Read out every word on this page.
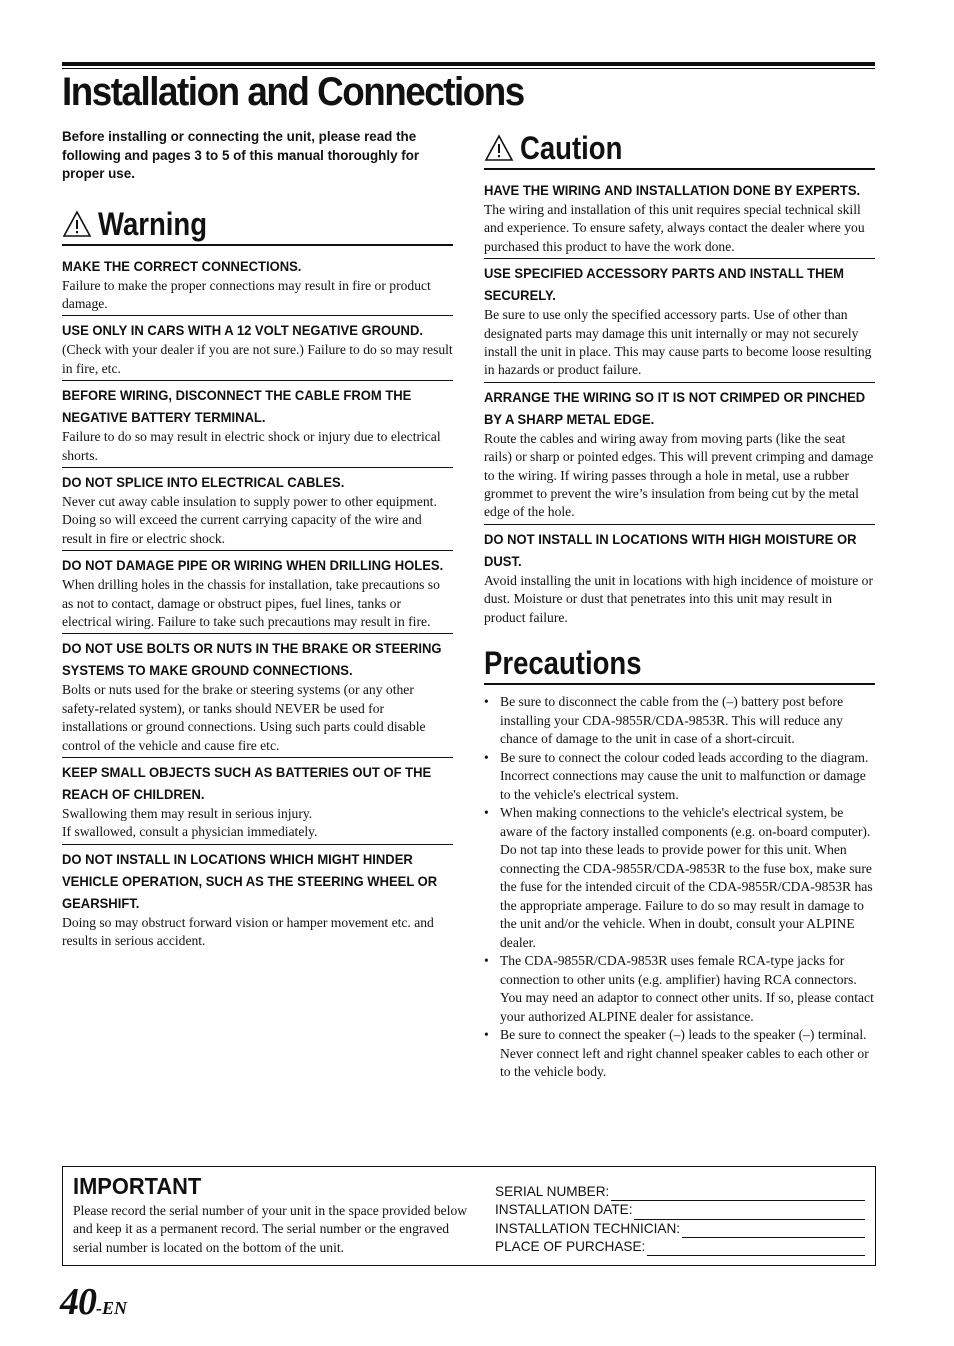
Installation and Connections

Before installing or connecting the unit, please read the following and pages 3 to 5 of this manual thoroughly for proper use.

Warning

MAKE THE CORRECT CONNECTIONS.

Failure to make the proper connections may result in fire or product damage.

USE ONLY IN CARS WITH A 12 VOLT NEGATIVE GROUND.

(Check with your dealer if you are not sure.) Failure to do so may result in fire, etc.

BEFORE WIRING, DISCONNECT THE CABLE FROM THE NEGATIVE BATTERY TERMINAL.

Failure to do so may result in electric shock or injury due to electrical shorts.

DO NOT SPLICE INTO ELECTRICAL CABLES.

Never cut away cable insulation to supply power to other equipment. Doing so will exceed the current carrying capacity of the wire and result in fire or electric shock.

DO NOT DAMAGE PIPE OR WIRING WHEN DRILLING HOLES.

When drilling holes in the chassis for installation, take precautions so as not to contact, damage or obstruct pipes, fuel lines, tanks or electrical wiring. Failure to take such precautions may result in fire.

DO NOT USE BOLTS OR NUTS IN THE BRAKE OR STEERING SYSTEMS TO MAKE GROUND CONNECTIONS.

Bolts or nuts used for the brake or steering systems (or any other safety-related system), or tanks should NEVER be used for installations or ground connections. Using such parts could disable control of the vehicle and cause fire etc.

KEEP SMALL OBJECTS SUCH AS BATTERIES OUT OF THE REACH OF CHILDREN.

Swallowing them may result in serious injury.
If swallowed, consult a physician immediately.

DO NOT INSTALL IN LOCATIONS WHICH MIGHT HINDER VEHICLE OPERATION, SUCH AS THE STEERING WHEEL OR GEARSHIFT.

Doing so may obstruct forward vision or hamper movement etc. and results in serious accident.

Caution

HAVE THE WIRING AND INSTALLATION DONE BY EXPERTS.

The wiring and installation of this unit requires special technical skill and experience. To ensure safety, always contact the dealer where you purchased this product to have the work done.

USE SPECIFIED ACCESSORY PARTS AND INSTALL THEM SECURELY.

Be sure to use only the specified accessory parts. Use of other than designated parts may damage this unit internally or may not securely install the unit in place. This may cause parts to become loose resulting in hazards or product failure.

ARRANGE THE WIRING SO IT IS NOT CRIMPED OR PINCHED BY A SHARP METAL EDGE.

Route the cables and wiring away from moving parts (like the seat rails) or sharp or pointed edges. This will prevent crimping and damage to the wiring. If wiring passes through a hole in metal, use a rubber grommet to prevent the wire’s insulation from being cut by the metal edge of the hole.

DO NOT INSTALL IN LOCATIONS WITH HIGH MOISTURE OR DUST.

Avoid installing the unit in locations with high incidence of moisture or dust. Moisture or dust that penetrates into this unit may result in product failure.

Precautions
• Be sure to disconnect the cable from the (–) battery post before installing your CDA-9855R/CDA-9853R. This will reduce any chance of damage to the unit in case of a short-circuit.
• Be sure to connect the colour coded leads according to the diagram. Incorrect connections may cause the unit to malfunction or damage to the vehicle's electrical system.
• When making connections to the vehicle's electrical system, be aware of the factory installed components (e.g. on-board computer). Do not tap into these leads to provide power for this unit. When connecting the CDA-9855R/CDA-9853R to the fuse box, make sure the fuse for the intended circuit of the CDA-9855R/CDA-9853R has the appropriate amperage. Failure to do so may result in damage to the unit and/or the vehicle. When in doubt, consult your ALPINE dealer.
• The CDA-9855R/CDA-9853R uses female RCA-type jacks for connection to other units (e.g. amplifier) having RCA connectors. You may need an adaptor to connect other units. If so, please contact your authorized ALPINE dealer for assistance.
• Be sure to connect the speaker (–) leads to the speaker (–) terminal. Never connect left and right channel speaker cables to each other or to the vehicle body.
IMPORTANT

Please record the serial number of your unit in the space provided below and keep it as a permanent record. The serial number or the engraved serial number is located on the bottom of the unit.

SERIAL NUMBER:
INSTALLATION DATE:
INSTALLATION TECHNICIAN:
PLACE OF PURCHASE:
40-EN
